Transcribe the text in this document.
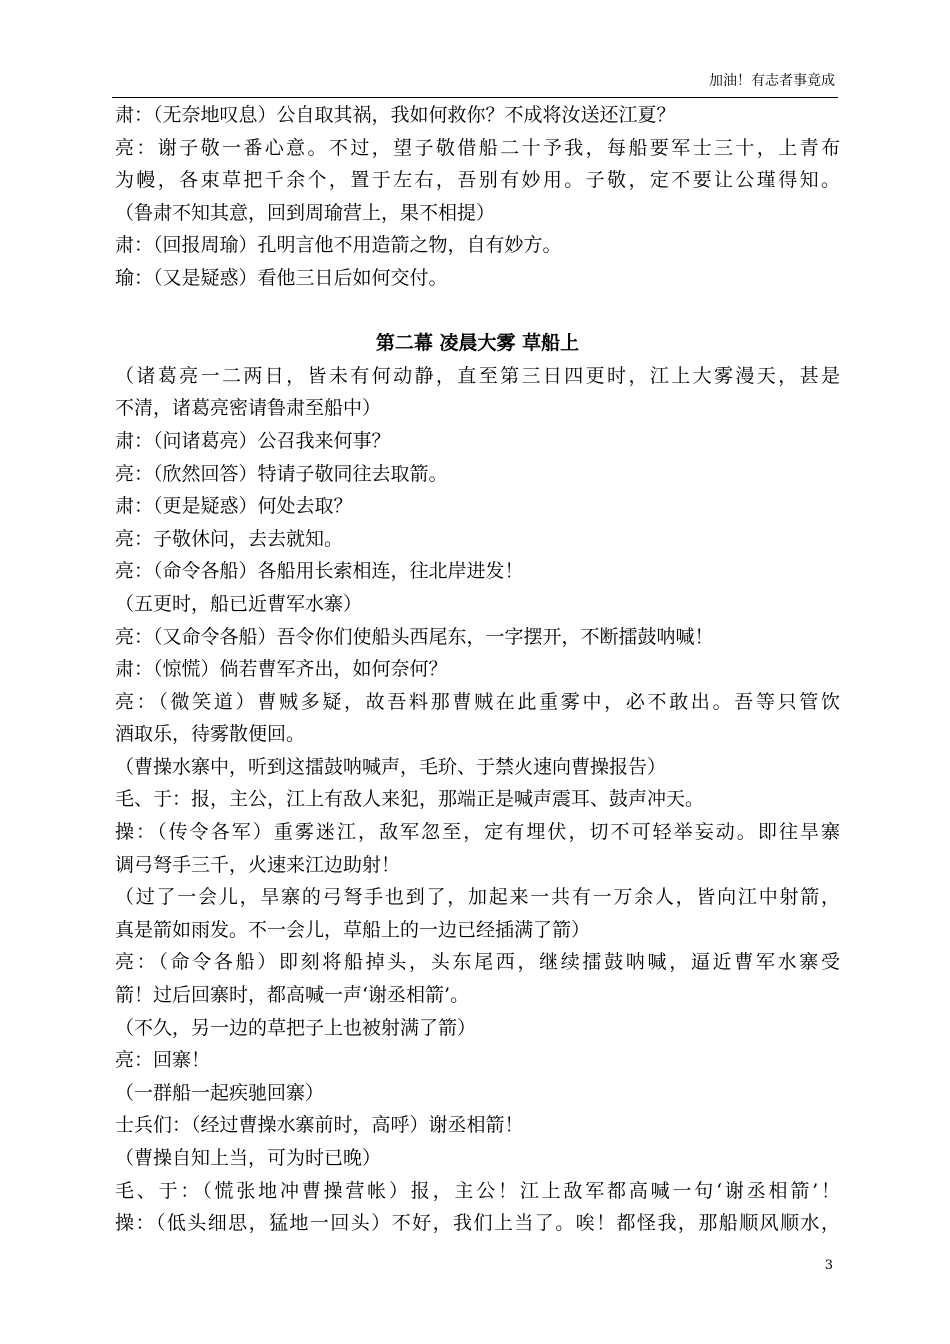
加油！有志者事竟成
肃：（无奈地叹息）公自取其祸，我如何救你？不成将汝送还江夏？
亮：谢子敬一番心意。不过，望子敬借船二十予我，每船要军士三十，上青布
为幔，各束草把千余个，置于左右，吾别有妙用。子敬，定不要让公瑾得知。
（鲁肃不知其意，回到周瑜营上，果不相提）
肃：（回报周瑜）孔明言他不用造箭之物，自有妙方。
瑜：（又是疑惑）看他三日后如何交付。
第二幕 凌晨大雾 草船上
（诸葛亮一二两日，皆未有何动静，直至第三日四更时，江上大雾漫天，甚是
不清，诸葛亮密请鲁肃至船中）
肃：（问诸葛亮）公召我来何事？
亮：（欣然回答）特请子敬同往去取箭。
肃：（更是疑惑）何处去取？
亮：子敬休问，去去就知。
亮：（命令各船）各船用长索相连，往北岸进发！
（五更时，船已近曹军水寨）
亮：（又命令各船）吾令你们使船头西尾东，一字摆开，不断擂鼓呐喊！
肃：（惊慌）倘若曹军齐出，如何奈何？
亮：（微笑道）曹贼多疑，故吾料那曹贼在此重雾中，必不敢出。吾等只管饮
酒取乐，待雾散便回。
（曹操水寨中，听到这擂鼓呐喊声，毛玠、于禁火速向曹操报告）
毛、于：报，主公，江上有敌人来犯，那端正是喊声震耳、鼓声冲天。
操：（传令各军）重雾迷江，敌军忽至，定有埋伏，切不可轻举妄动。即往旱寨
调弓弩手三千，火速来江边助射！
（过了一会儿，旱寨的弓弩手也到了，加起来一共有一万余人，皆向江中射箭，
真是箭如雨发。不一会儿，草船上的一边已经插满了箭）
亮：（命令各船）即刻将船掉头，头东尾西，继续擂鼓呐喊，逼近曹军水寨受
箭！过后回寨时，都高喊一声‘谢丞相箭’。
（不久，另一边的草把子上也被射满了箭）
亮：回寨！
（一群船一起疾驰回寨）
士兵们：（经过曹操水寨前时，高呼）谢丞相箭！
（曹操自知上当，可为时已晚）
毛、于：（慌张地冲曹操营帐）报，主公！江上敌军都高喊一句‘谢丞相箭’！
操：（低头细思，猛地一回头）不好，我们上当了。唉！都怪我，那船顺风顺水，
3
